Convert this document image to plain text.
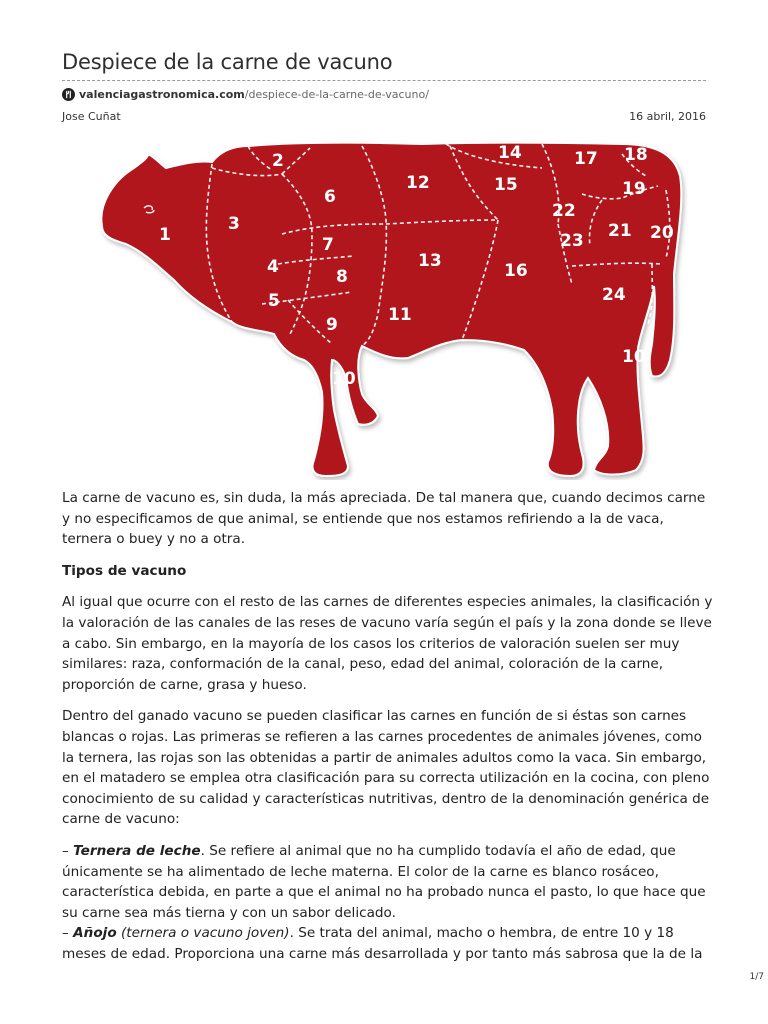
Despiece de la carne de vacuno
valenciagastronomica.com /despiece-de-la-carne-de-vacuno/
Jose Cuñat	16 abril, 2016
1
2
3
4
5
6
7
8
9
10
11
12
13
14
15
16
17 18
19
20
21
22
23
24
10

La carne de vacuno es, sin duda, la más apreciada. De tal manera que, cuando decimos carne y no especificamos de que animal, se entiende que nos estamos refiriendo a la de vaca, ternera o buey y no a otra.

Tipos de vacuno

Al igual que ocurre con el resto de las carnes de diferentes especies animales, la clasificación y la valoración de las canales de las reses de vacuno varía según el país y la zona donde se lleve a cabo. Sin embargo, en la mayoría de los casos los criterios de valoración suelen ser muy similares: raza, conformación de la canal, peso, edad del animal, coloración de la carne, proporción de carne, grasa y hueso.

Dentro del ganado vacuno se pueden clasificar las carnes en función de si éstas son carnes blancas o rojas. Las primeras se refieren a las carnes procedentes de animales jóvenes, como la ternera, las rojas son las obtenidas a partir de animales adultos como la vaca. Sin embargo, en el matadero se emplea otra clasificación para su correcta utilización en la cocina, con pleno conocimiento de su calidad y características nutritivas, dentro de la denominación genérica de carne de vacuno:

– Ternera de leche. Se refiere al animal que no ha cumplido todavía el año de edad, que únicamente se ha alimentado de leche materna. El color de la carne es blanco rosáceo, característica debida, en parte a que el animal no ha probado nunca el pasto, lo que hace que su carne sea más tierna y con un sabor delicado.

– Añojo (ternera o vacuno joven). Se trata del animal, macho o hembra, de entre 10 y 18 meses de edad. Proporciona una carne más desarrollada y por tanto más sabrosa que la de la

1/7
